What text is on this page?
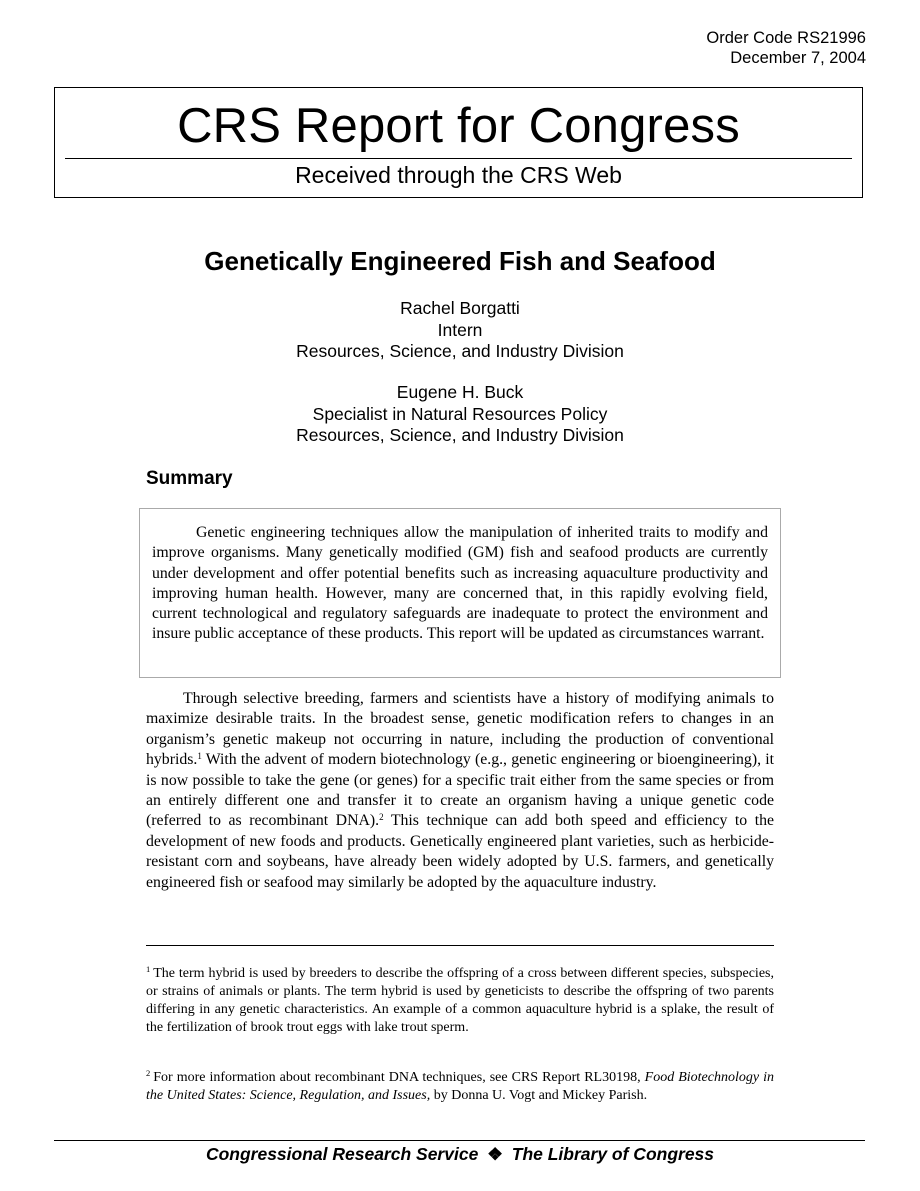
Order Code RS21996
December 7, 2004
CRS Report for Congress
Received through the CRS Web
Genetically Engineered Fish and Seafood
Rachel Borgatti
Intern
Resources, Science, and Industry Division
Eugene H. Buck
Specialist in Natural Resources Policy
Resources, Science, and Industry Division
Summary

Genetic engineering techniques allow the manipulation of inherited traits to modify and improve organisms. Many genetically modified (GM) fish and seafood products are currently under development and offer potential benefits such as increasing aquaculture productivity and improving human health. However, many are concerned that, in this rapidly evolving field, current technological and regulatory safeguards are inadequate to protect the environment and insure public acceptance of these products. This report will be updated as circumstances warrant.

Through selective breeding, farmers and scientists have a history of modifying animals to maximize desirable traits. In the broadest sense, genetic modification refers to changes in an organism’s genetic makeup not occurring in nature, including the production of conventional hybrids.$^1$ With the advent of modern biotechnology (e.g., genetic engineering or bioengineering), it is now possible to take the gene (or genes) for a specific trait either from the same species or from an entirely different one and transfer it to create an organism having a unique genetic code (referred to as recombinant DNA).$^2$ This technique can add both speed and efficiency to the development of new foods and products. Genetically engineered plant varieties, such as herbicide-resistant corn and soybeans, have already been widely adopted by U.S. farmers, and genetically engineered fish or seafood may similarly be adopted by the aquaculture industry.

$^1$ The term hybrid is used by breeders to describe the offspring of a cross between different species, subspecies, or strains of animals or plants. The term hybrid is used by geneticists to describe the offspring of two parents differing in any genetic characteristics. An example of a common aquaculture hybrid is a splake, the result of the fertilization of brook trout eggs with lake trout sperm.

$^2$ For more information about recombinant DNA techniques, see CRS Report RL30198, Food Biotechnology in the United States: Science, Regulation, and Issues, by Donna U. Vogt and Mickey Parish.

Congressional Research Service ❖ The Library of Congress
